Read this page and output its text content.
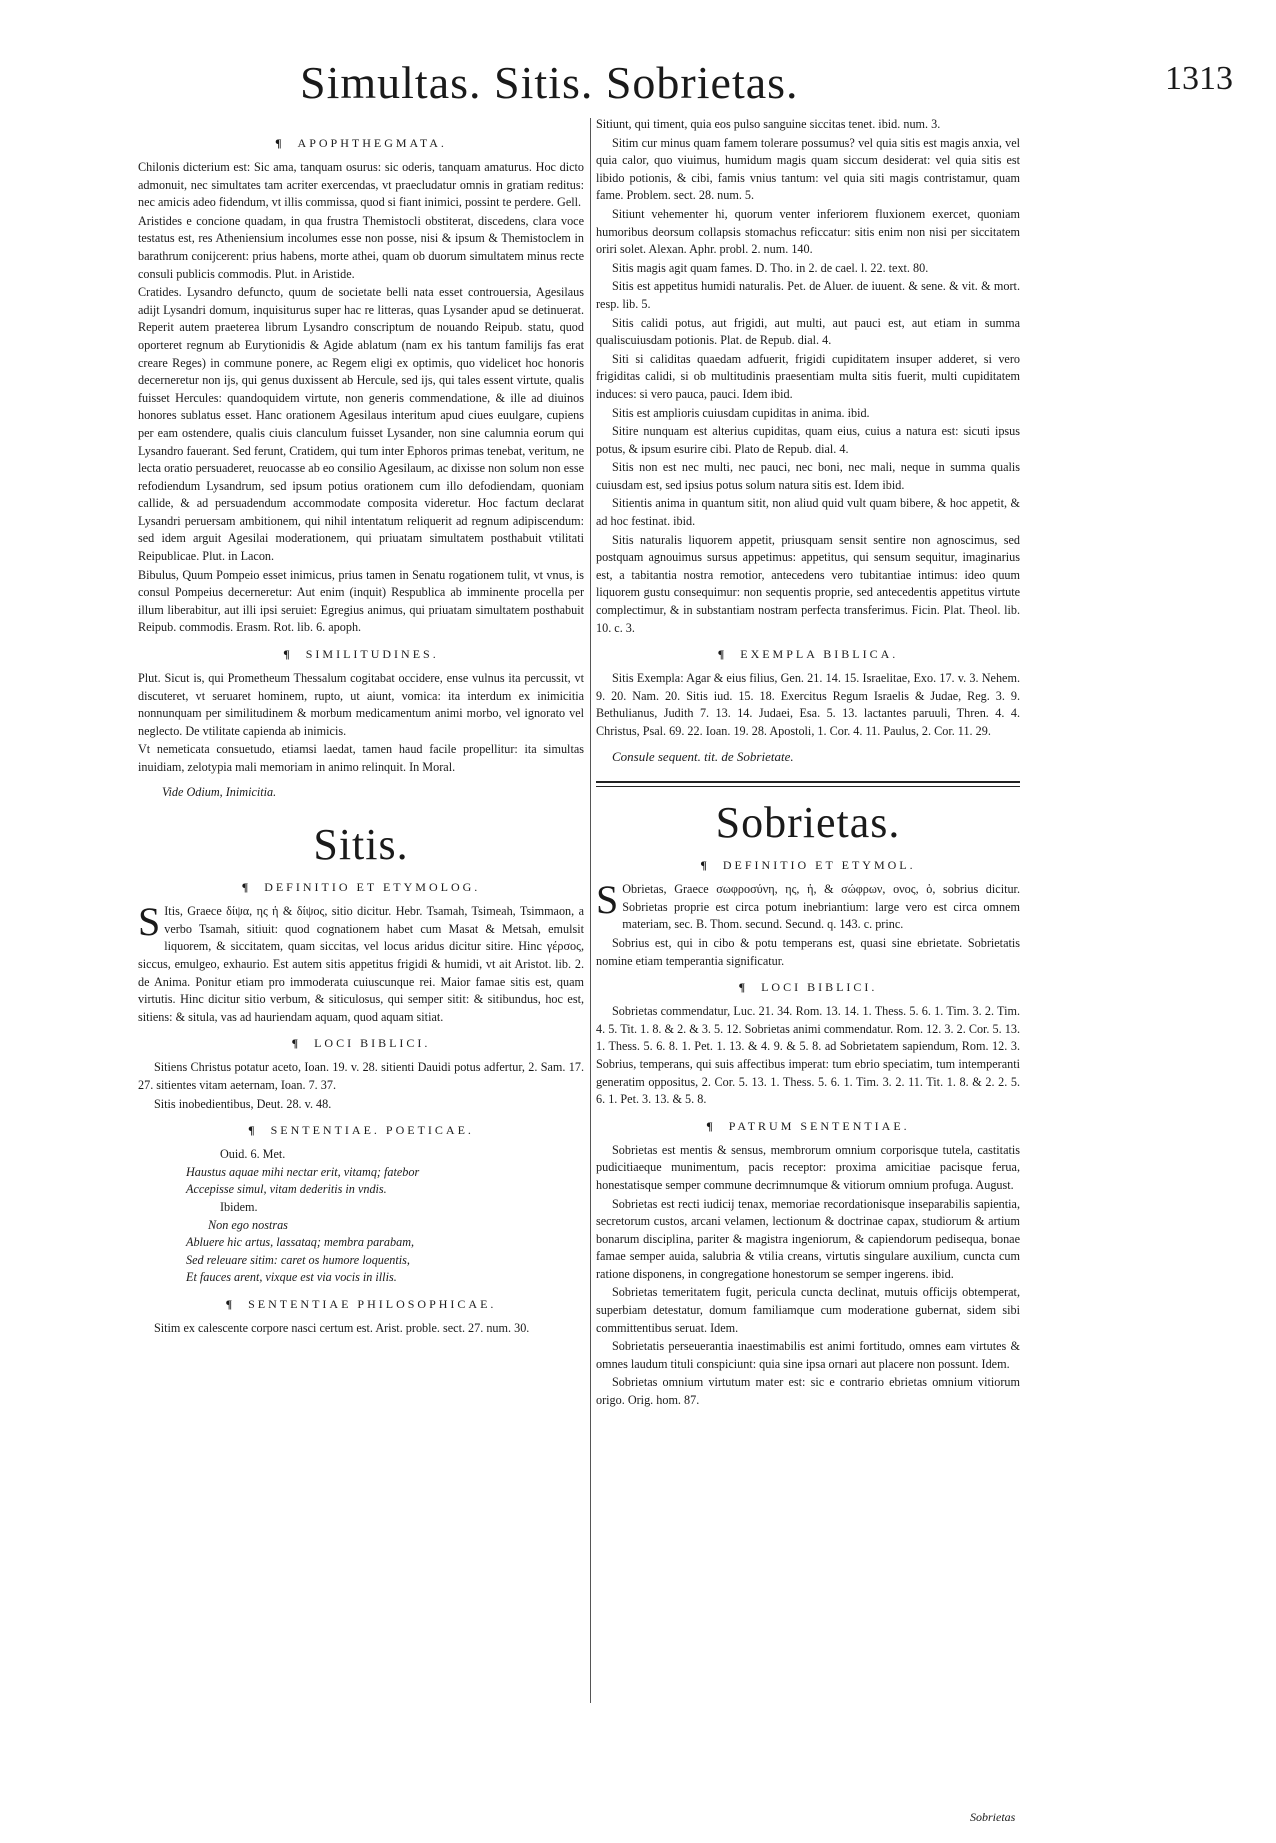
Simultas. Sitis. Sobrietas.	1313
¶ APOPHTHEGMATA.

Chilonis dicterium est: Sic ama, tanquam osurus: sic oderis, tanquam amaturus. Hoc dicto admonuit, nec simultates tam acriter exercendas, vt praecludatur omnis in gratiam reditus: nec amicis adeo fidendum, vt illis commissa, quod si fiant inimici, possint te perdere. Gell.

Aristides e concione quadam, in qua frustra Themistocli obstiterat, discedens, clara voce testatus est, res Atheniensium incolumes esse non posse, nisi & ipsum & Themistoclem in barathrum conijcerent: prius habens, morte athei, quam ob duorum simultatem minus recte consuli publicis commodis. Plut. in Aristide.

Cratides. Lysandro defuncto, quum de societate belli nata esset controuersia, Agesilaus adijt Lysandri domum, inquisiturus super hac re litteras, quas Lysander apud se detinuerat. Reperit autem praeterea librum Lysandro conscriptum de nouando Reipub. statu, quod oporteret regnum ab Eurytionidis & Agide ablatum (nam ex his tantum familijs fas erat creare Reges) in commune ponere, ac Regem eligi ex optimis, quo videlicet hoc honoris decerneretur non ijs, qui genus duxissent ab Hercule, sed ijs, qui tales essent virtute, qualis fuisset Hercules: quandoquidem virtute, non generis commendatione, & ille ad diuinos honores sublatus esset. Hanc orationem Agesilaus interitum apud ciues euulgare, cupiens per eam ostendere, qualis ciuis clanculum fuisset Lysander, non sine calumnia eorum qui Lysandro fauerant. Sed ferunt, Cratidem, qui tum inter Ephoros primas tenebat, veritum, ne lecta oratio persuaderet, reuocasse ab eo consilio Agesilaum, ac dixisse non solum non esse refodiendum Lysandrum, sed ipsum potius orationem cum illo defodiendam, quoniam callide, & ad persuadendum accommodate composita videretur. Hoc factum declarat Lysandri peruersam ambitionem, qui nihil intentatum reliquerit ad regnum adipiscendum: sed idem arguit Agesilai moderationem, qui priuatam simultatem posthabuit vtilitati Reipublicae. Plut. in Lacon.

Bibulus, Quum Pompeio esset inimicus, prius tamen in Senatu rogationem tulit, vt vnus, is consul Pompeius decerneretur: Aut enim (inquit) Respublica ab imminente procella per illum liberabitur, aut illi ipsi seruiet: Egregius animus, qui priuatam simultatem posthabuit Reipub. commodis. Erasm. Rot. lib. 6. apoph.

¶ SIMILITUDINES.

Plut. Sicut is, qui Prometheum Thessalum cogitabat occidere, ense vulnus ita percussit, vt discuteret, vt seruaret hominem, rupto, ut aiunt, vomica: ita interdum ex inimicitia nonnunquam per similitudinem & morbum medicamentum animi morbo, vel ignorato vel neglecto. De vtilitate capienda ab inimicis.

Vt nemeticata consuetudo, etiamsi laedat, tamen haud facile propellitur: ita simultas inuidiam, zelotypia mali memoriam in animo relinquit. In Moral.

Vide Odium, Inimicitia.

Sitis.
¶ DEFINITIO ET ETYMOLOG.

S Itis, Graece δίψα, ης ἡ & δίψος, sitio dicitur. Hebr. Tsamah, Tsimeah, Tsimmaon, a verbo Tsamah, sitiuit: quod cognationem habet cum Masat & Metsah, emulsit liquorem, & siccitatem, quam siccitas, vel locus aridus dicitur sitire. Hinc γέρσος, siccus, emulgeo, exhaurio. Est autem sitis appetitus frigidi & humidi, vt ait Aristot. lib. 2. de Anima. Ponitur etiam pro immoderata cuiuscunque rei. Maior famae sitis est, quam virtutis. Hinc dicitur sitio verbum, & siticulosus, qui semper sitit: & sitibundus, hoc est, sitiens: & situla, vas ad hauriendam aquam, quod aquam sitiat.

¶ LOCI BIBLICI.

Sitiens Christus potatur aceto, Ioan. 19. v. 28. sitienti Dauidi potus adfertur, 2. Sam. 17. 27. sitientes vitam aeternam, Ioan. 7. 37.

Sitis inobedientibus, Deut. 28. v. 48.

¶ SENTENTIAE. POETICAE.
Ouid. 6. Met.
Haustus aquae mihi nectar erit, vitamq; fatebor
Accepisse simul, vitam dederitis in vndis.
Ibidem.
Non ego nostras
Abluere hic artus, lassataq; membra parabam,
Sed releuare sitim: caret os humore loquentis,
Et fauces arent, vixque est via vocis in illis.
¶ SENTENTIAE PHILOSOPHICAE.

Sitim ex calescente corpore nasci certum est. Arist. proble. sect. 27. num. 30.

Sitiunt, qui timent, quia eos pulso sanguine siccitas tenet. ibid. num. 3.

Sitim cur minus quam famem tolerare possumus? vel quia sitis est magis anxia, vel quia calor, quo viuimus, humidum magis quam siccum desiderat: vel quia sitis est libido potionis, & cibi, famis vnius tantum: vel quia siti magis contristamur, quam fame. Problem. sect. 28. num. 5.

Sitiunt vehementer hi, quorum venter inferiorem fluxionem exercet, quoniam humoribus deorsum collapsis stomachus reficcatur: sitis enim non nisi per siccitatem oriri solet. Alexan. Aphr. probl. 2. num. 140.

Sitis magis agit quam fames. D. Tho. in 2. de cael. l. 22. text. 80.

Sitis est appetitus humidi naturalis. Pet. de Aluer. de iuuent. & sene. & vit. & mort. resp. lib. 5.

Sitis calidi potus, aut frigidi, aut multi, aut pauci est, aut etiam in summa qualiscuiusdam potionis. Plat. de Repub. dial. 4.

Siti si caliditas quaedam adfuerit, frigidi cupiditatem insuper adderet, si vero frigiditas calidi, si ob multitudinis praesentiam multa sitis fuerit, multi cupiditatem induces: si vero pauca, pauci. Idem ibid.

Sitis est amplioris cuiusdam cupiditas in anima. ibid.

Sitire nunquam est alterius cupiditas, quam eius, cuius a natura est: sicuti ipsus potus, & ipsum esurire cibi. Plato de Repub. dial. 4.

Sitis non est nec multi, nec pauci, nec boni, nec mali, neque in summa qualis cuiusdam est, sed ipsius potus solum natura sitis est. Idem ibid.

Sitientis anima in quantum sitit, non aliud quid vult quam bibere, & hoc appetit, & ad hoc festinat. ibid.

Sitis naturalis liquorem appetit, priusquam sensit sentire non agnoscimus, sed postquam agnouimus sursus appetimus: appetitus, qui sensum sequitur, imaginarius est, a tabitantia nostra remotior, antecedens vero tubitantiae intimus: ideo quum liquorem gustu consequimur: non sequentis proprie, sed antecedentis appetitus virtute complectimur, & in substantiam nostram perfecta transferimus. Ficin. Plat. Theol. lib. 10. c. 3.

¶ EXEMPLA BIBLICA.

Sitis Exempla: Agar & eius filius, Gen. 21. 14. 15. Israelitae, Exo. 17. v. 3. Nehem. 9. 20. Nam. 20. Sitis iud. 15. 18. Exercitus Regum Israelis & Judae, Reg. 3. 9. Bethulianus, Judith 7. 13. 14. Judaei, Esa. 5. 13. lactantes paruuli, Thren. 4. 4. Christus, Psal. 69. 22. Ioan. 19. 28. Apostoli, 1. Cor. 4. 11. Paulus, 2. Cor. 11. 29.

Consule sequent. tit. de Sobrietate.

Sobrietas.
¶ DEFINITIO ET ETYMOL.

S Obrietas, Graece σωφροσύνη, ης, ἡ, & σώφρων, ονος, ὁ, sobrius dicitur. Sobrietas proprie est circa potum inebriantium: large vero est circa omnem materiam, sec. B. Thom. secund. Secund. q. 143. c. princ.

Sobrius est, qui in cibo & potu temperans est, quasi sine ebrietate. Sobrietatis nomine etiam temperantia significatur.

¶ LOCI BIBLICI.

Sobrietas commendatur, Luc. 21. 34. Rom. 13. 14. 1. Thess. 5. 6. 1. Tim. 3. 2. Tim. 4. 5. Tit. 1. 8. & 2. & 3. 5. 12. Sobrietas animi commendatur. Rom. 12. 3. 2. Cor. 5. 13. 1. Thess. 5. 6. 8. 1. Pet. 1. 13. & 4. 9. & 5. 8. ad Sobrietatem sapiendum, Rom. 12. 3. Sobrius, temperans, qui suis affectibus imperat: tum ebrio speciatim, tum intemperanti generatim oppositus, 2. Cor. 5. 13. 1. Thess. 5. 6. 1. Tim. 3. 2. 11. Tit. 1. 8. & 2. 2. 5. 6. 1. Pet. 3. 13. & 5. 8.

¶ PATRUM SENTENTIAE.

Sobrietas est mentis & sensus, membrorum omnium corporisque tutela, castitatis pudicitiaeque munimentum, pacis receptor: proxima amicitiae pacisque ferua, honestatisque semper commune decrimnumque & vitiorum omnium profuga. August.

Sobrietas est recti iudicij tenax, memoriae recordationisque inseparabilis sapientia, secretorum custos, arcani velamen, lectionum & doctrinae capax, studiorum & artium bonarum disciplina, pariter & magistra ingeniorum, & capiendorum pedisequa, bonae famae semper auida, salubria & vtilia creans, virtutis singulare auxilium, cuncta cum ratione disponens, in congregatione honestorum se semper ingerens. ibid.

Sobrietas temeritatem fugit, pericula cuncta declinat, mutuis officijs obtemperat, superbiam detestatur, domum familiamque cum moderatione gubernat, sidem sibi committentibus seruat. Idem.

Sobrietatis perseuerantia inaestimabilis est animi fortitudo, omnes eam virtutes & omnes laudum tituli conspiciunt: quia sine ipsa ornari aut placere non possunt. Idem.

Sobrietas omnium virtutum mater est: sic e contrario ebrietas omnium vitiorum origo. Orig. hom. 87.

Sobrietas
